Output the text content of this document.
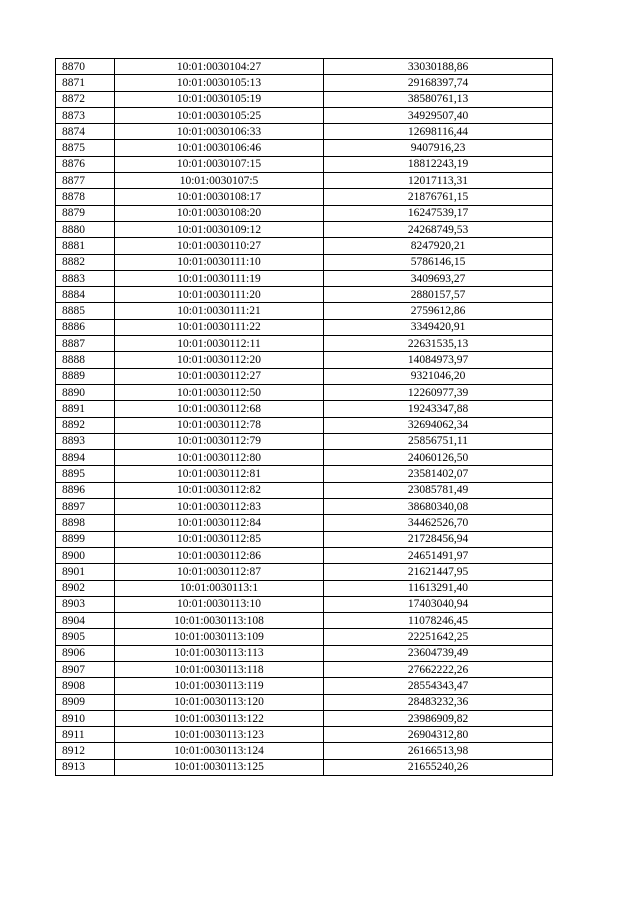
8870	10:01:0030104:27	33030188,86
8871	10:01:0030105:13	29168397,74
8872	10:01:0030105:19	38580761,13
8873	10:01:0030105:25	34929507,40
8874	10:01:0030106:33	12698116,44
8875	10:01:0030106:46	9407916,23
8876	10:01:0030107:15	18812243,19
8877	10:01:0030107:5	12017113,31
8878	10:01:0030108:17	21876761,15
8879	10:01:0030108:20	16247539,17
8880	10:01:0030109:12	24268749,53
8881	10:01:0030110:27	8247920,21
8882	10:01:0030111:10	5786146,15
8883	10:01:0030111:19	3409693,27
8884	10:01:0030111:20	2880157,57
8885	10:01:0030111:21	2759612,86
8886	10:01:0030111:22	3349420,91
8887	10:01:0030112:11	22631535,13
8888	10:01:0030112:20	14084973,97
8889	10:01:0030112:27	9321046,20
8890	10:01:0030112:50	12260977,39
8891	10:01:0030112:68	19243347,88
8892	10:01:0030112:78	32694062,34
8893	10:01:0030112:79	25856751,11
8894	10:01:0030112:80	24060126,50
8895	10:01:0030112:81	23581402,07
8896	10:01:0030112:82	23085781,49
8897	10:01:0030112:83	38680340,08
8898	10:01:0030112:84	34462526,70
8899	10:01:0030112:85	21728456,94
8900	10:01:0030112:86	24651491,97
8901	10:01:0030112:87	21621447,95
8902	10:01:0030113:1	11613291,40
8903	10:01:0030113:10	17403040,94
8904	10:01:0030113:108	11078246,45
8905	10:01:0030113:109	22251642,25
8906	10:01:0030113:113	23604739,49
8907	10:01:0030113:118	27662222,26
8908	10:01:0030113:119	28554343,47
8909	10:01:0030113:120	28483232,36
8910	10:01:0030113:122	23986909,82
8911	10:01:0030113:123	26904312,80
8912	10:01:0030113:124	26166513,98
8913	10:01:0030113:125	21655240,26
